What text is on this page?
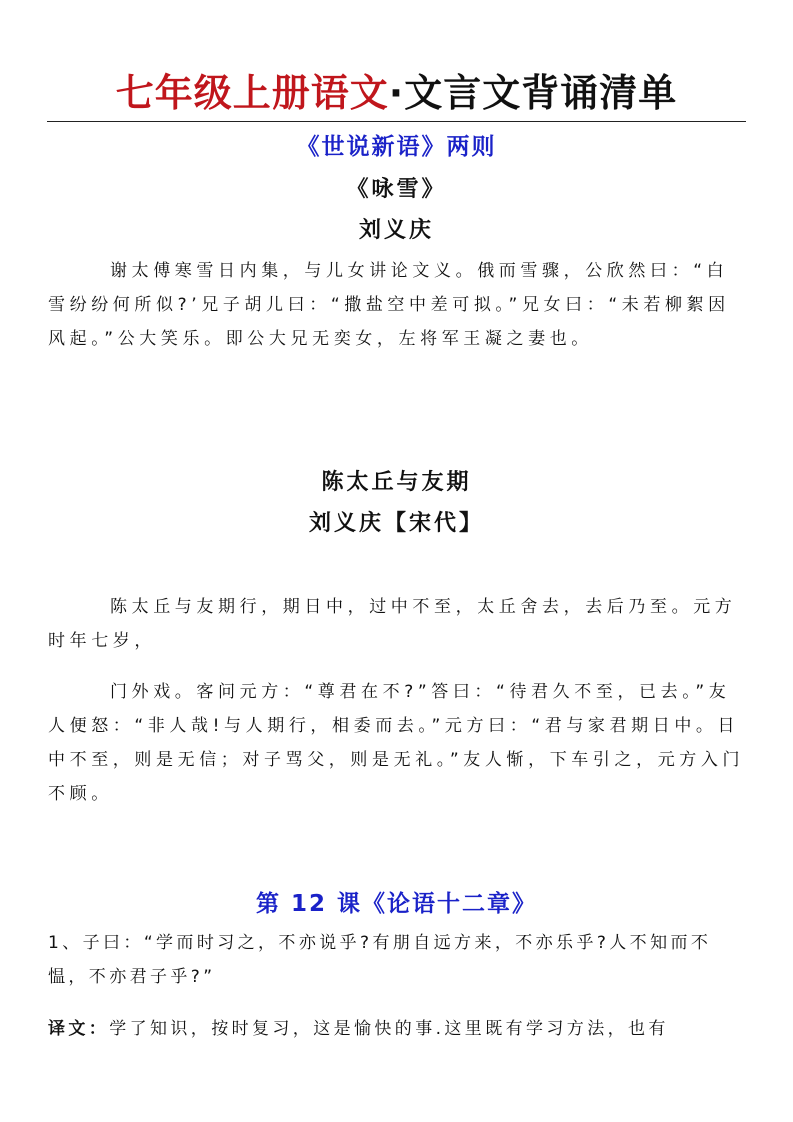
七年级上册语文·文言文背诵清单
《世说新语》两则
《咏雪》
刘义庆

谢太傅寒雪日内集，与儿女讲论文义。俄而雪骤，公欣然曰：“白雪纷纷何所似?’兄子胡儿曰：“撒盐空中差可拟。”兄女曰：“未若柳絮因风起。”公大笑乐。即公大兄无奕女，左将军王凝之妻也。

陈太丘与友期
刘义庆【宋代】

陈太丘与友期行，期日中，过中不至，太丘舍去，去后乃至。元方时年七岁，

门外戏。客问元方：“尊君在不?”答曰：“待君久不至，已去。”友人便怒：“非人哉!与人期行，相委而去。”元方曰：“君与家君期日中。日中不至，则是无信；对子骂父，则是无礼。”友人惭，下车引之，元方入门不顾。

第 12 课《论语十二章》

1、子曰：“学而时习之，不亦说乎?有朋自远方来，不亦乐乎?人不知而不愠，不亦君子乎?”

译文：学了知识，按时复习，这是愉快的事.这里既有学习方法，也有
